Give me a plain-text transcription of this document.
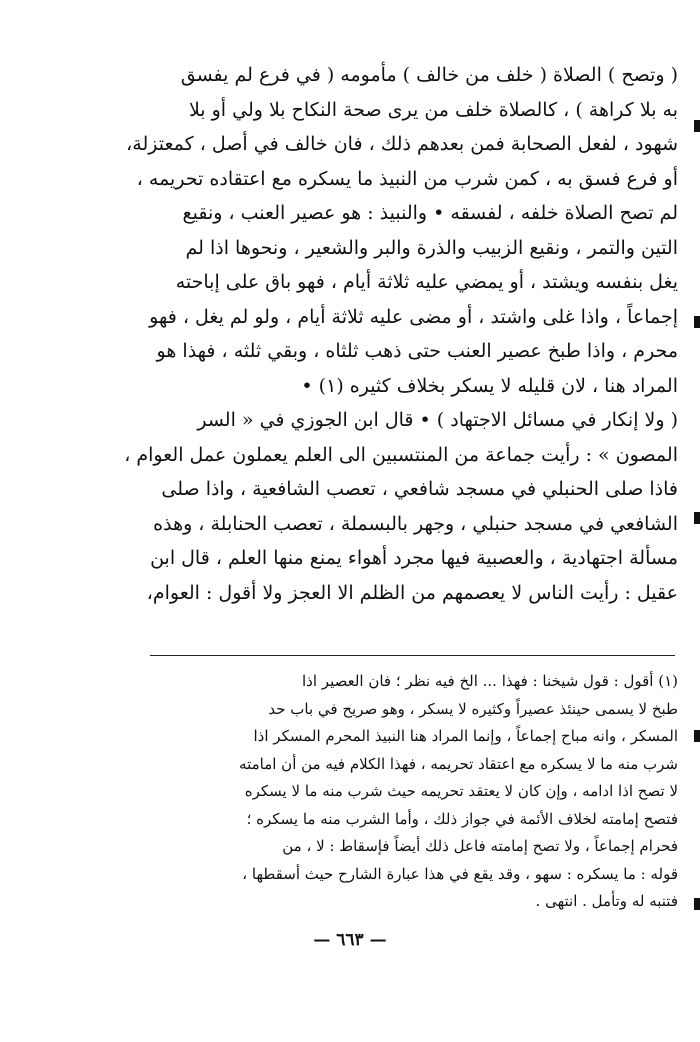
( وتصح ) الصلاة ( خلف من خالف ) مأمومه ( في فرع لم يفسق
به بلا كراهة ) ، كالصلاة خلف من يرى صحة النكاح بلا ولي أو بلا
شهود ، لفعل الصحابة فمن بعدهم ذلك ، فان خالف في أصل ، كمعتزلة،
أو فرع فسق به ، كمن شرب من النبيذ ما يسكره مع اعتقاده تحريمه ،
لم تصح الصلاة خلفه ، لفسقه • والنبيذ : هو عصير العنب ، ونقيع
التين والتمر ، ونقيع الزبيب والذرة والبر والشعير ، ونحوها اذا لم
يغل بنفسه ويشتد ، أو يمضي عليه ثلاثة أيام ، فهو باق على إباحته
إجماعاً ، واذا غلى واشتد ، أو مضى عليه ثلاثة أيام ، ولو لم يغل ، فهو
محرم ، واذا طبخ عصير العنب حتى ذهب ثلثاه ، وبقي ثلثه ، فهذا هو
المراد هنا ، لان قليله لا يسكر بخلاف كثيره (١) •
( ولا إنكار في مسائل الاجتهاد ) • قال ابن الجوزي في « السر
المصون » : رأيت جماعة من المنتسبين الى العلم يعملون عمل العوام ،
فاذا صلى الحنبلي في مسجد شافعي ، تعصب الشافعية ، واذا صلى
الشافعي في مسجد حنبلي ، وجهر بالبسملة ، تعصب الحنابلة ، وهذه
مسألة اجتهادية ، والعصبية فيها مجرد أهواء يمنع منها العلم ، قال ابن
عقيل : رأيت الناس لا يعصمهم من الظلم الا العجز ولا أقول : العوام،
(١) أقول : قول شيخنا : فهذا ... الخ فيه نظر ؛ فان العصير اذا
طبخ لا يسمى حينئذ عصيراً وكثيره لا يسكر ، وهو صريح في باب حد
المسكر ، وانه مباح إجماعاً ، وإنما المراد هنا النبيذ المحرم المسكر اذا
شرب منه ما لا يسكره مع اعتقاد تحريمه ، فهذا الكلام فيه من أن امامته
لا تصح اذا ادامه ، وإن كان لا يعتقد تحريمه حيث شرب منه ما لا يسكره
فتصح إمامته لخلاف الأئمة في جواز ذلك ، وأما الشرب منه ما يسكره ؛
فحرام إجماعاً ، ولا تصح إمامته فاعل ذلك أيضاً فإسقاط : لا ، من
قوله : ما يسكره : سهو ، وقد يقع في هذا عبارة الشارح حيث أسقطها ،
فتنبه له وتأمل . انتهى .
— ٦٦٣ —
